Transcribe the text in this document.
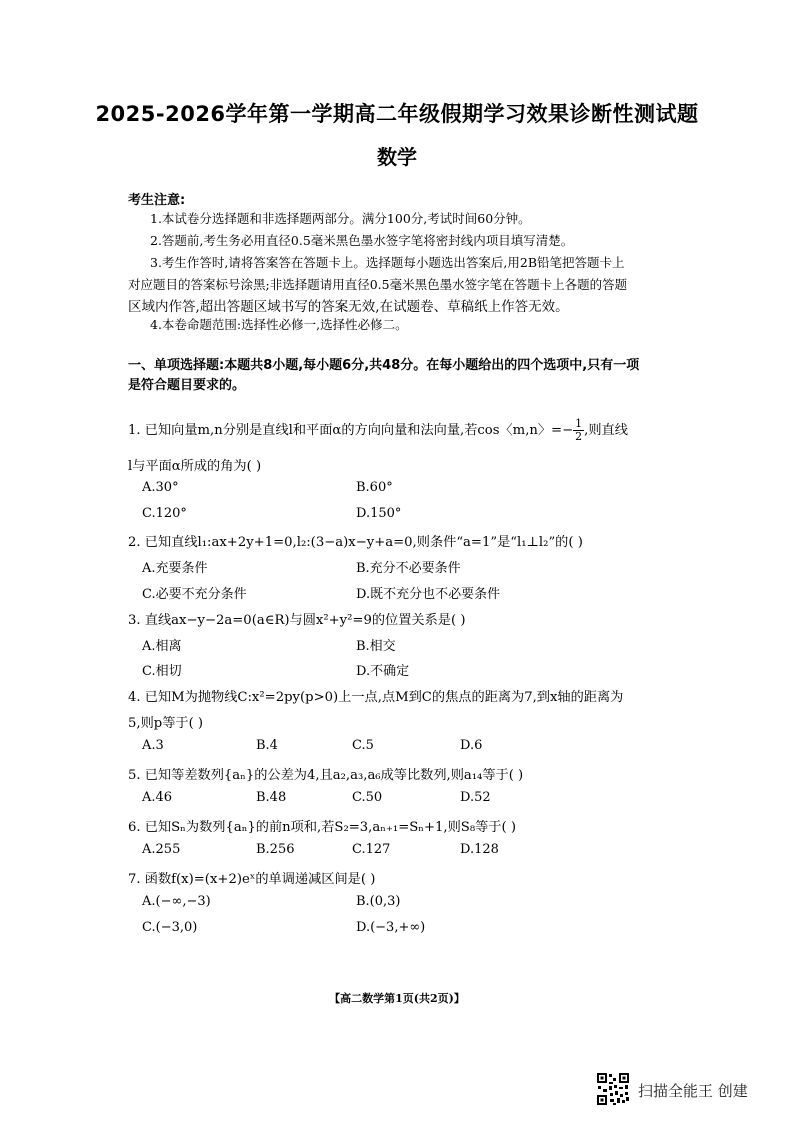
2025-2026学年第一学期高二年级假期学习效果诊断性测试题
数学
考生注意:
1.本试卷分选择题和非选择题两部分。满分100分,考试时间60分钟。
2.答题前,考生务必用直径0.5毫米黑色墨水签字笔将密封线内项目填写清楚。
3.考生作答时,请将答案答在答题卡上。选择题每小题选出答案后,用2B铅笔把答题卡上
对应题目的答案标号涂黑;非选择题请用直径0.5毫米黑色墨水签字笔在答题卡上各题的答题
区域内作答,超出答题区域书写的答案无效,在试题卷、草稿纸上作答无效。
4.本卷命题范围:选择性必修一,选择性必修二。
一、单项选择题:本题共8小题,每小题6分,共48分。在每小题给出的四个选项中,只有一项
是符合题目要求的。
1. 已知向量m,n分别是直线l和平面α的方向向量和法向量,若cos〈m,n〉=− $\frac{1}{2}$ ,则直线
l与平面α所成的角为( )
A.30°	B.60°
C.120°	D.150°
2. 已知直线l₁:ax+2y+1=0,l₂:(3−a)x−y+a=0,则条件“a=1”是“l₁⊥l₂”的( )
A.充要条件	B.充分不必要条件
C.必要不充分条件	D.既不充分也不必要条件
3. 直线ax−y−2a=0(a∈R)与圆x²+y²=9的位置关系是( )
A.相离	B.相交
C.相切	D.不确定
4. 已知M为抛物线C:x²=2py(p>0)上一点,点M到C的焦点的距离为7,到x轴的距离为
5,则p等于( )
A.3	B.4	C.5	D.6
5. 已知等差数列{aₙ}的公差为4,且a₂,a₃,a₆成等比数列,则a₁₄等于( )
A.46	B.48	C.50	D.52
6. 已知Sₙ为数列{aₙ}的前n项和,若S₂=3,aₙ₊₁=Sₙ+1,则S₈等于( )
A.255	B.256	C.127	D.128
7. 函数f(x)=(x+2)eˣ的单调递减区间是( )
A.(−∞,−3)	B.(0,3)
C.(−3,0)	D.(−3,+∞)
【高二数学第1页(共2页)】
扫描全能王 创建
